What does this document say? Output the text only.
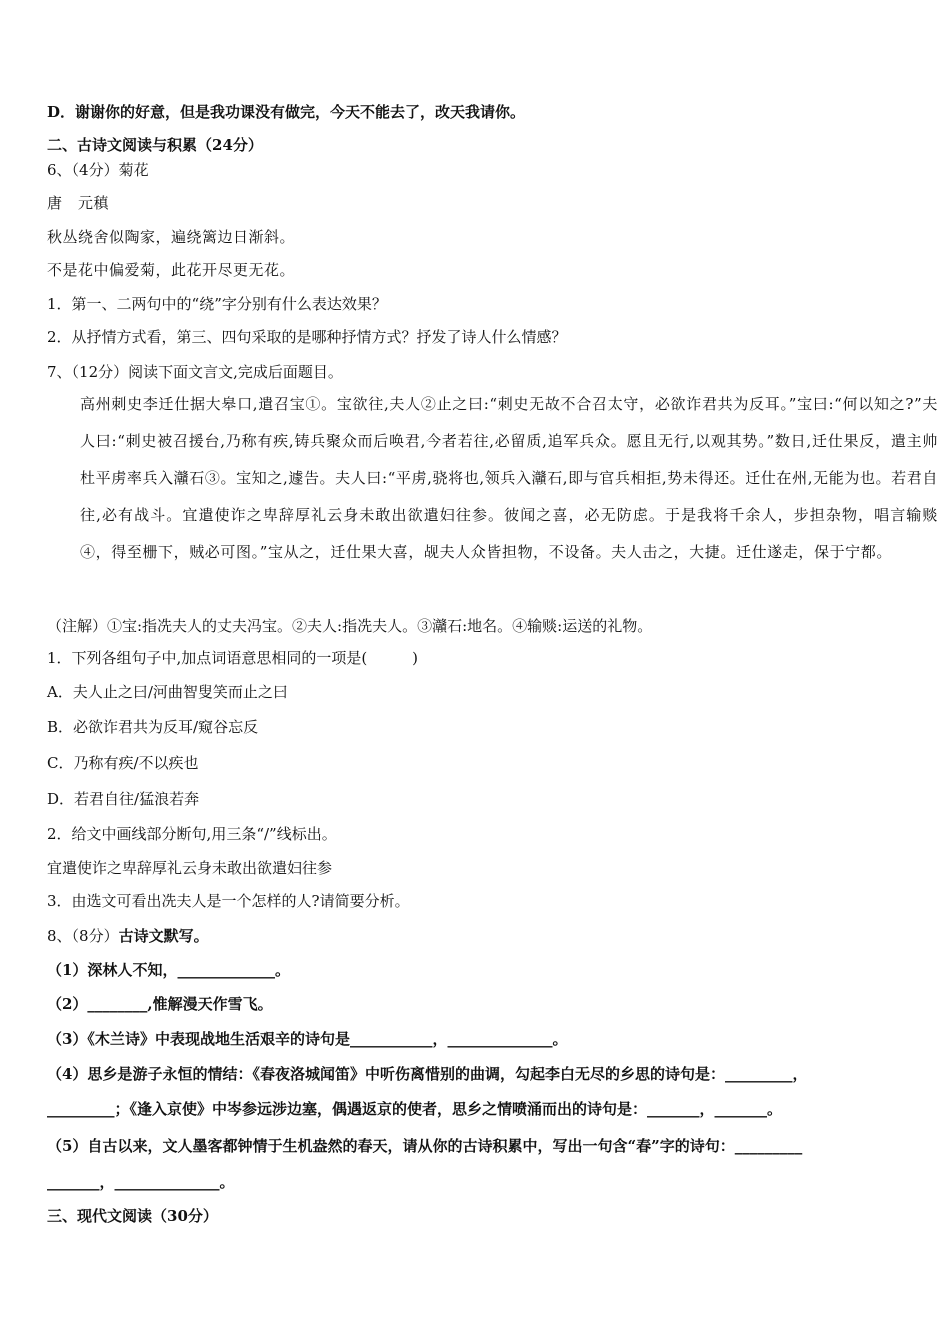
D．谢谢你的好意，但是我功课没有做完，今天不能去了，改天我请你。
二、古诗文阅读与积累（24分）
6、（4分）菊花
唐　元稹
秋丛绕舍似陶家，遍绕篱边日渐斜。
不是花中偏爱菊，此花开尽更无花。
1．第一、二两句中的“绕”字分别有什么表达效果？
2．从抒情方式看，第三、四句采取的是哪种抒情方式？抒发了诗人什么情感？
7、（12分）阅读下面文言文,完成后面题目。
高州刺史李迁仕据大皋口,遣召宝①。宝欲往,夫人②止之曰:“刺史无故不合召太守，必欲诈君共为反耳。”宝曰:“何以知之?”夫人曰:“刺史被召援台,乃称有疾,铸兵聚众而后唤君,今者若往,必留质,追军兵众。愿且无行,以观其势。”数日,迁仕果反，遣主帅杜平虏率兵入灨石③。宝知之,遽告。夫人曰:“平虏,骁将也,领兵入灨石,即与官兵相拒,势未得还。迁仕在州,无能为也。若君自往,必有战斗。宜遣使诈之卑辞厚礼云身未敢出欲遣妇往参。彼闻之喜，必无防虑。于是我将千余人，步担杂物，唱言输赕④，得至栅下，贼必可图。”宝从之，迁仕果大喜，觇夫人众皆担物，不设备。夫人击之，大捷。迁仕遂走，保于宁都。
（注解）①宝:指冼夫人的丈夫冯宝。②夫人:指冼夫人。③灨石:地名。④输赕:运送的礼物。
1．下列各组句子中,加点词语意思相同的一项是(　　　)
A．夫人止之曰/河曲智叟笑而止之曰
B．必欲诈君共为反耳/窥谷忘反
C．乃称有疾/不以疾也
D．若君自往/猛浪若奔
2．给文中画线部分断句,用三条“/”线标出。
宜遣使诈之卑辞厚礼云身未敢出欲遣妇往参
3．由选文可看出冼夫人是一个怎样的人?请简要分析。
8、（8分）古诗文默写。
（1）深林人不知，_____________。
（2）________,惟解漫天作雪飞。
（3）《木兰诗》中表现战地生活艰辛的诗句是___________，______________。
（4）思乡是游子永恒的情结：《春夜洛城闻笛》中听伤离惜别的曲调，勾起李白无尽的乡思的诗句是：_________，
_________；《逢入京使》中岑参远涉边塞，偶遇返京的使者，思乡之情喷涌而出的诗句是：_______，_______。
（5）自古以来，文人墨客都钟情于生机盎然的春天，请从你的古诗积累中，写出一句含“春”字的诗句：_________
_______，______________。
三、现代文阅读（30分）
